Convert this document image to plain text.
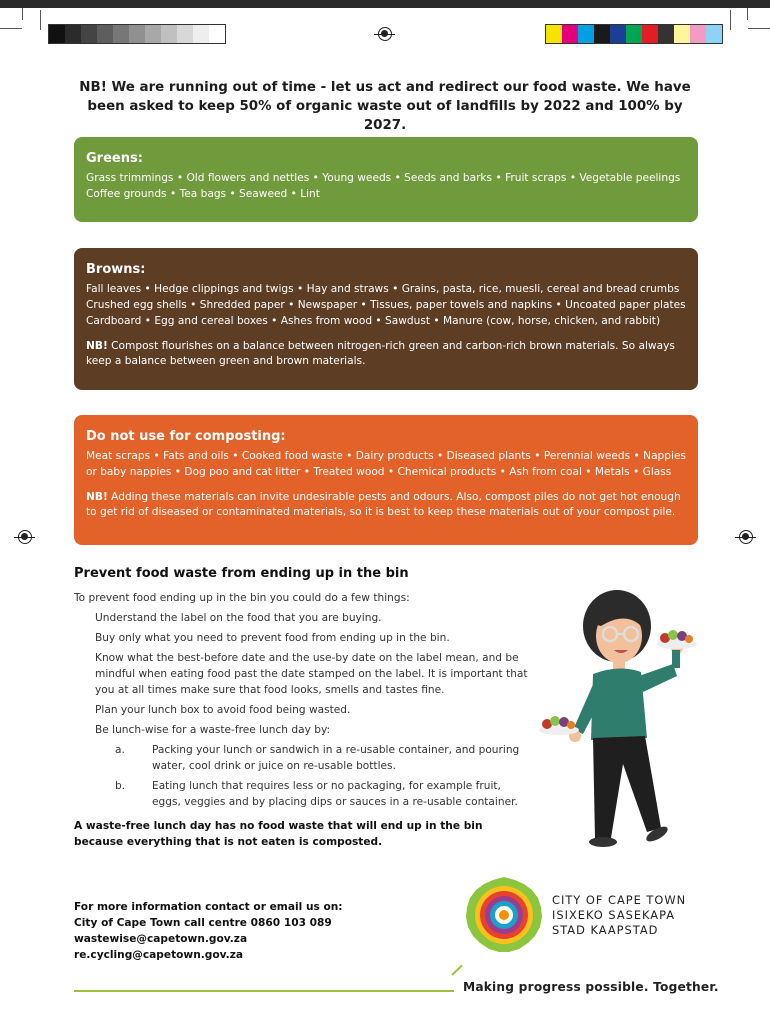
NB! We are running out of time - let us act and redirect our food waste. We have been asked to keep 50% of organic waste out of landfills by 2022 and 100% by 2027.
Greens:

Grass trimmings • Old flowers and nettles • Young weeds • Seeds and barks • Fruit scraps • Vegetable peelings

Coffee grounds • Tea bags • Seaweed • Lint

Browns:

Fall leaves • Hedge clippings and twigs • Hay and straws • Grains, pasta, rice, muesli, cereal and bread crumbs

Crushed egg shells • Shredded paper • Newspaper • Tissues, paper towels and napkins • Uncoated paper plates

Cardboard • Egg and cereal boxes • Ashes from wood • Sawdust • Manure (cow, horse, chicken, and rabbit)

NB! Compost flourishes on a balance between nitrogen-rich green and carbon-rich brown materials. So always keep a balance between green and brown materials.

Do not use for composting:

Meat scraps • Fats and oils • Cooked food waste • Dairy products • Diseased plants • Perennial weeds • Nappies

or baby nappies • Dog poo and cat litter • Treated wood • Chemical products • Ash from coal • Metals • Glass

NB! Adding these materials can invite undesirable pests and odours. Also, compost piles do not get hot enough to get rid of diseased or contaminated materials, so it is best to keep these materials out of your compost pile.

Prevent food waste from ending up in the bin

To prevent food ending up in the bin you could do a few things:

Understand the label on the food that you are buying.

Buy only what you need to prevent food from ending up in the bin.

Know what the best-before date and the use-by date on the label mean, and be mindful when eating food past the date stamped on the label. It is important that you at all times make sure that food looks, smells and tastes fine.

Plan your lunch box to avoid food being wasted.

Be lunch-wise for a waste-free lunch day by:

a.	Packing your lunch or sandwich in a re-usable container, and pouring water, cool drink or juice on re-usable bottles.
b.	Eating lunch that requires less or no packaging, for example fruit, eggs, veggies and by placing dips or sauces in a re-usable container.
A waste-free lunch day has no food waste that will end up in the bin because everything that is not eaten is composted.
For more information contact or email us on:
City of Cape Town call centre 0860 103 089
wastewise@capetown.gov.za
re.cycling@capetown.gov.za
CITY OF CAPE TOWN
ISIXEKO SASEKAPA
STAD KAAPSTAD
Making progress possible. Together.
